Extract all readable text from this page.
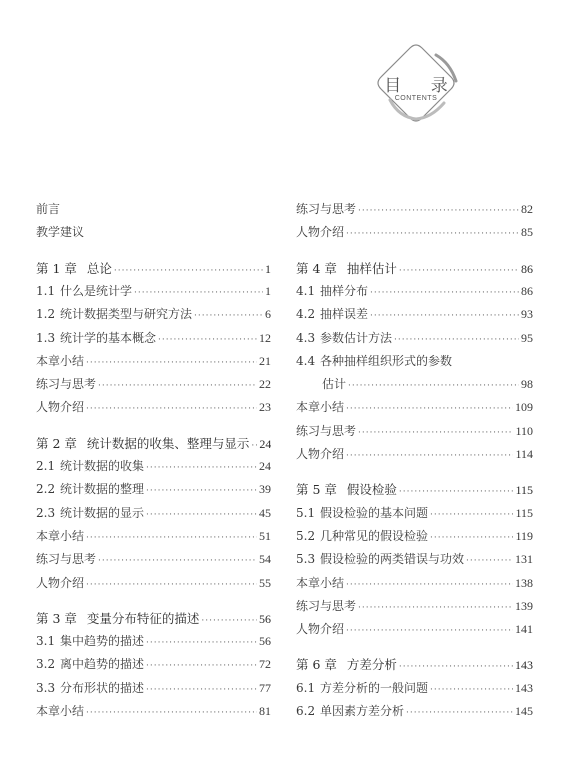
目 录
CONTENTS
前言
教学建议
第 1 章 总论 ·····	1
1.1 什么是统计学 ·····	1
1.2 统计数据类型与研究方法 ·····	6
1.3 统计学的基本概念 ·····	12
本章小结 ·····	21
练习与思考 ·····	22
人物介绍 ·····	23
第 2 章 统计数据的收集、整理与显示 ····· 24
2.1 统计数据的收集 ·····	24
2.2 统计数据的整理 ·····	39
2.3 统计数据的显示 ·····	45
本章小结 ·····	51
练习与思考 ·····	54
人物介绍 ·····	55
第 3 章 变量分布特征的描述 ·····	56
3.1 集中趋势的描述 ·····	56
3.2 离中趋势的描述 ·····	72
3.3 分布形状的描述 ·····	77
本章小结 ·····	81
练习与思考 ·····	82
人物介绍 ·····	85
第 4 章 抽样估计 ·····	86
4.1 抽样分布 ·····	86
4.2 抽样误差 ·····	93
4.3 参数估计方法 ·····	95
4.4 各种抽样组织形式的参数
估计 ·····	98
本章小结 ·····	109
练习与思考 ·····	110
人物介绍 ·····	114
第 5 章 假设检验 ·····	115
5.1 假设检验的基本问题 ·····	115
5.2 几种常见的假设检验 ·····	119
5.3 假设检验的两类错误与功效 ·····	131
本章小结 ·····	138
练习与思考 ·····	139
人物介绍 ·····	141
第 6 章 方差分析 ·····	143
6.1 方差分析的一般问题 ·····	143
6.2 单因素方差分析 ·····	145
